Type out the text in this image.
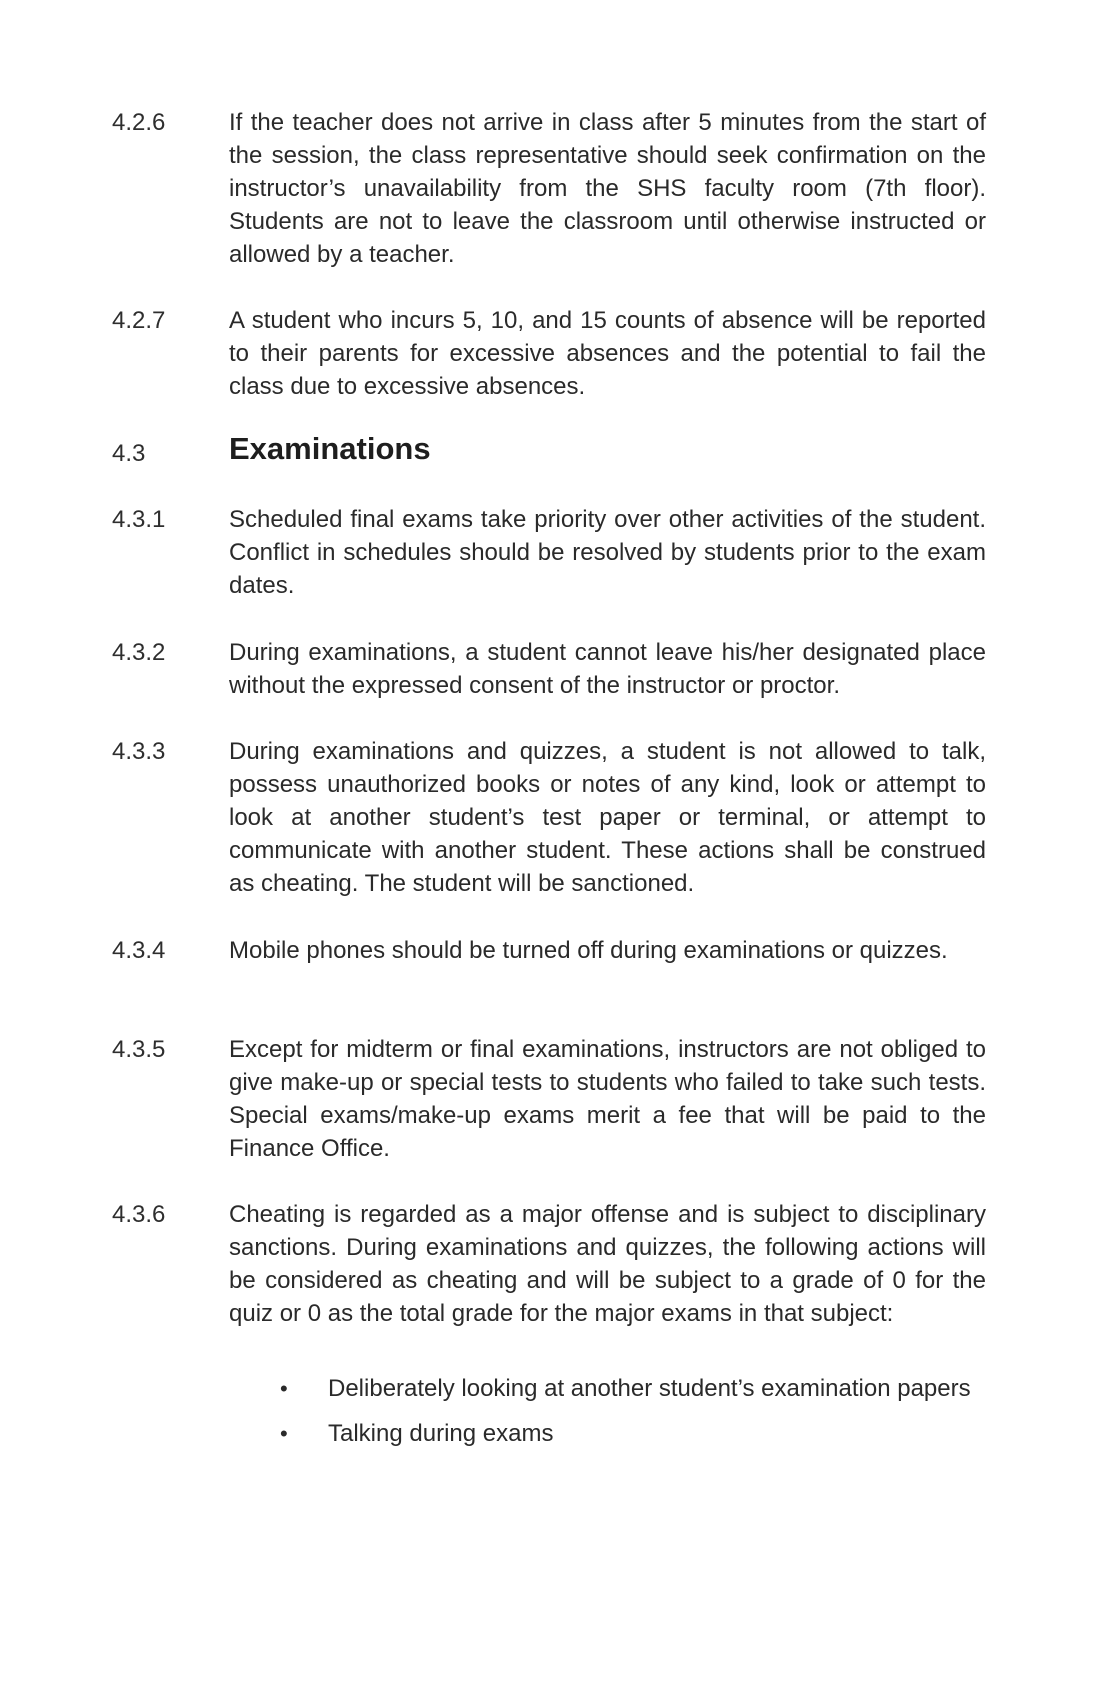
4.2.6	If the teacher does not arrive in class after 5 minutes from the start of the session, the class representative should seek confirmation on the instructor’s unavailability from the SHS faculty room (7th floor). Students are not to leave the classroom until otherwise instructed or allowed by a teacher.
4.2.7	A student who incurs 5, 10, and 15 counts of absence will be reported to their parents for excessive absences and the potential to fail the class due to excessive absences.
4.3	Examinations
4.3.1	Scheduled final exams take priority over other activities of the student. Conflict in schedules should be resolved by students prior to the exam dates.
4.3.2	During examinations, a student cannot leave his/her designated place without the expressed consent of the instructor or proctor.
4.3.3	During examinations and quizzes, a student is not allowed to talk, possess unauthorized books or notes of any kind, look or attempt to look at another student’s test paper or terminal, or attempt to communicate with another student. These actions shall be construed as cheating. The student will be sanctioned.
4.3.4	Mobile phones should be turned off during examinations or quizzes.
4.3.5	Except for midterm or final examinations, instructors are not obliged to give make-up or special tests to students who failed to take such tests. Special exams/make-up exams merit a fee that will be paid to the Finance Office.
4.3.6	Cheating is regarded as a major offense and is subject to disciplinary sanctions. During examinations and quizzes, the following actions will be considered as cheating and will be subject to a grade of 0 for the quiz or 0 as the total grade for the major exams in that subject:
• Deliberately looking at another student’s examination papers
• Talking during exams
